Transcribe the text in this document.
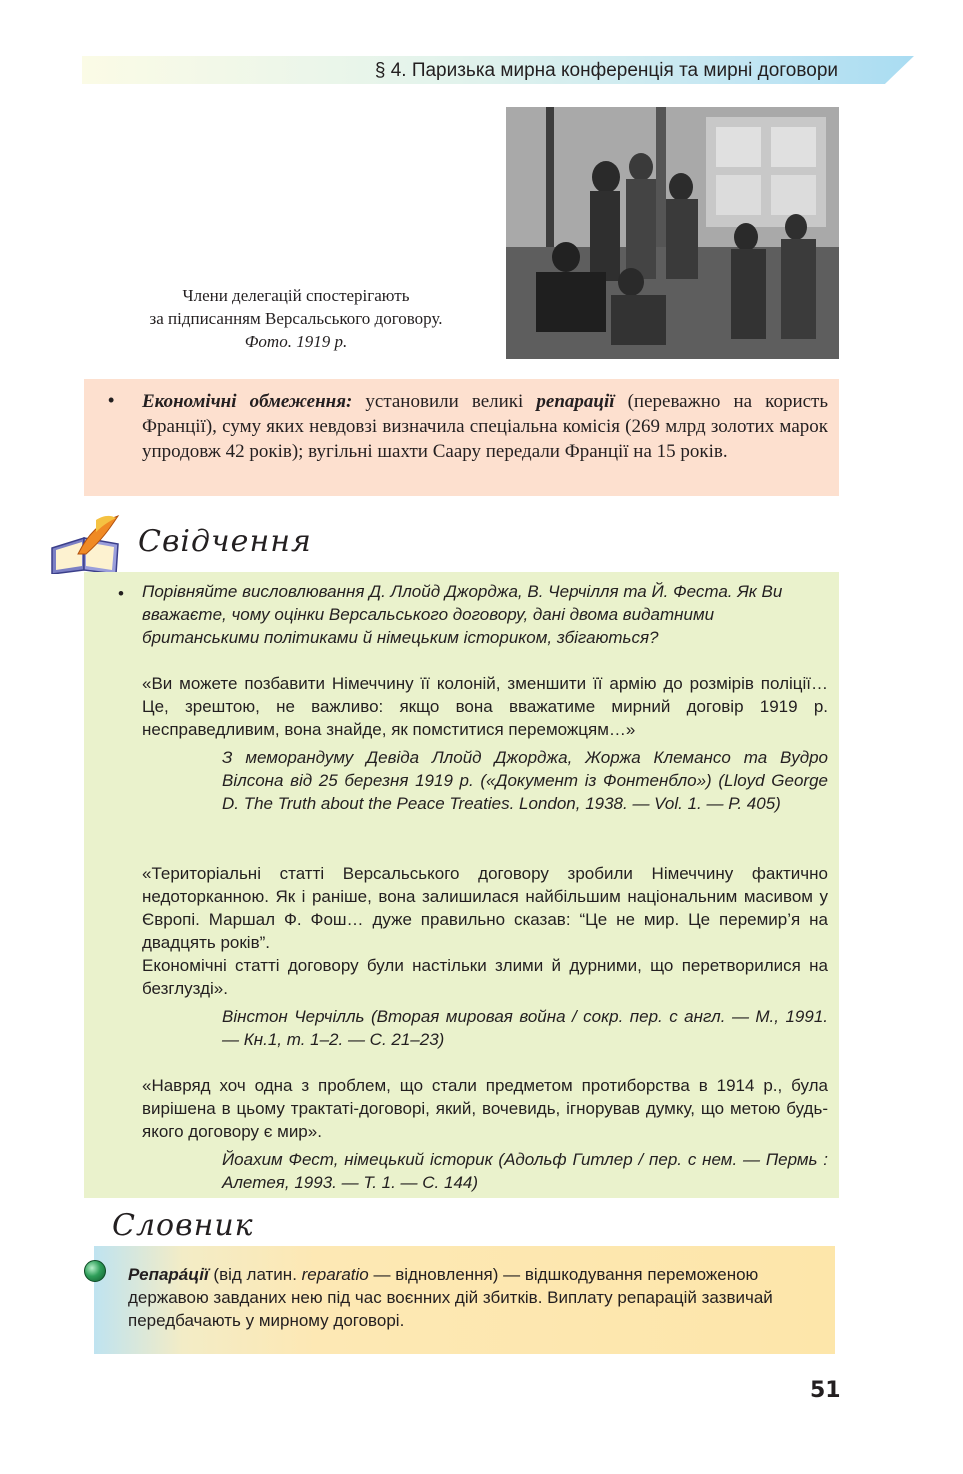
§ 4. Паризька мирна конференція та мирні договори
Члени делегацій спостерігають
за підписанням Версальського договору.
Фото. 1919 р.
• Економічні обмеження: установили великі репарації (переважно на користь Франції), суму яких невдовзі визначила спеціальна комісія (269 млрд золотих марок упродовж 42 років); вугільні шахти Саару передали Франції на 15 років.
Свідчення
• Порівняйте висловлювання Д. Ллойд Джорджа, В. Черчілля та Й. Феста. Як Ви вважаєте, чому оцінки Версальського договору, дані двома видатними британськими політиками й німецьким істориком, збігаються?
«Ви можете позбавити Німеччину її колоній, зменшити її армію до розмірів поліції… Це, зрештою, не важливо: якщо вона вважатиме мирний договір 1919 р. несправедливим, вона знайде, як помститися переможцям…»
З меморандуму Девіда Ллойд Джорджа, Жоржа Клемансо та Вудро Вілсона від 25 березня 1919 р. («Документ із Фонтенбло») (Lloyd George D. The Truth about the Peace Treaties. London, 1938. — Vol. 1. — P. 405)
«Територіальні статті Версальського договору зробили Німеччину фактично недоторканною. Як і раніше, вона залишилася найбільшим національним масивом у Європі. Маршал Ф. Фош… дуже правильно сказав: “Це не мир. Це перемир’я на двадцять років”.
Економічні статті договору були настільки злими й дурними, що перетворилися на безглузді».
Вінстон Черчілль (Вторая мировая война / сокр. пер. с англ. — М., 1991. — Кн.1, т. 1–2. — С. 21–23)
«Навряд хоч одна з проблем, що стали предметом протиборства в 1914 р., була вирішена в цьому трактаті-договорі, який, вочевидь, ігнорував думку, що метою будь-якого договору є мир».
Йоахим Фест, німецький історик (Адольф Гитлер / пер. с нем. — Пермь : Алетея, 1993. — Т. 1. — С. 144)
Словник
Репара́ції (від латин. reparatio — відновлення) — відшкодування переможеною державою завданих нею під час воєнних дій збитків. Виплату репарацій зазвичай передбачають у мирному договорі.
51
